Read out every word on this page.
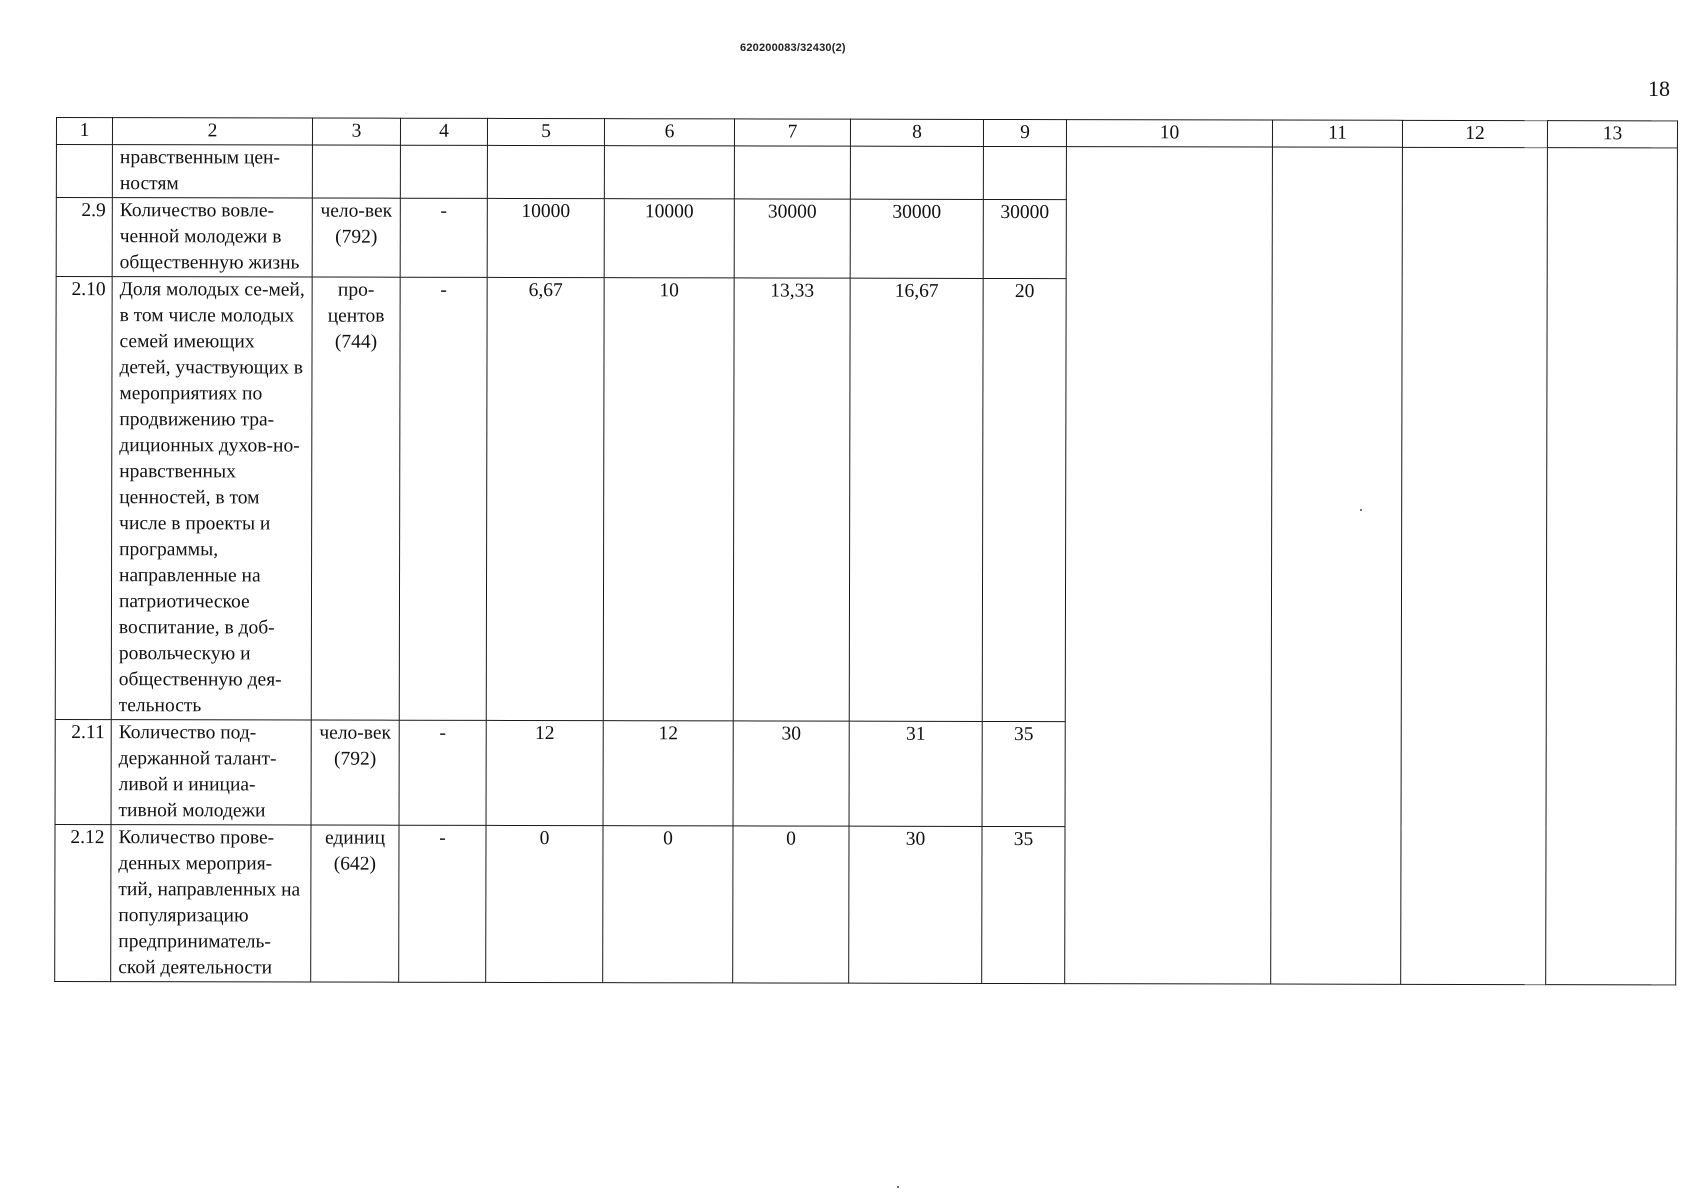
620200083/32430(2)
18
1	2	3	4	5	6	7	8	9	10	11	12	13
	нравственным цен-ностям											
2.9	Количество вовле-ченной молодежи в общественную жизнь	чело-век (792)	-	10000	10000	30000	30000	30000				
2.10	Доля молодых се-мей, в том числе молодых семей имеющих детей, участвующих в мероприятиях по продвижению тра-диционных духов-но-нравственных ценностей, в том числе в проекты и программы, направленные на патриотическое воспитание, в доб-ровольческую и общественную дея-тельность	про-центов (744)	-	6,67	10	13,33	16,67	20				
2.11	Количество под-держанной талант-ливой и инициа-тивной молодежи	чело-век (792)	-	12	12	30	31	35				
2.12	Количество прове-денных мероприя-тий, направленных на популяризацию предприниматель-ской деятельности	единиц (642)	-	0	0	0	30	35				
